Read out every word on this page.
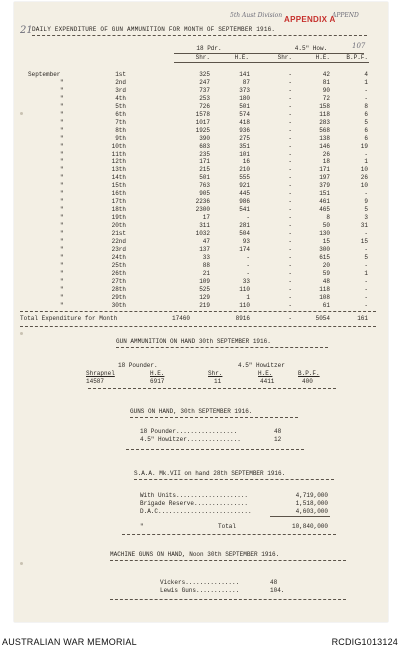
21
5th Aust Division	APPEND
APPENDIX A
107
DAILY EXPENDITURE OF GUN AMMUNITION FOR MONTH OF SEPTEMBER 1916.
18 Pdr.	4.5" How.
Shr.	H.E.	Shr.	H.E.	B.P.F.
September	1st	325	141	-	42	4
"	2nd	247	87	-	81	1
"	3rd	737	373	-	90	-
"	4th	253	180	-	72	-
"	5th	726	501	-	158	8
"	6th	1578	574	-	118	6
"	7th	1017	418	-	283	5
"	8th	1925	936	-	568	6
"	9th	390	275	-	138	6
"	10th	683	351	-	146	19
"	11th	235	101	-	26	-
"	12th	171	16	-	18	1
"	13th	215	210	-	171	10
"	14th	501	555	-	197	26
"	15th	763	921	-	379	10
"	16th	905	445	-	151	-
"	17th	2236	986	-	461	9
"	18th	2300	541	-	465	5
"	19th	17	-	-	8	3
"	20th	311	281	-	50	31
"	21st	1032	504	-	130	-
"	22nd	47	93	-	15	15
"	23rd	137	174	-	300	-
"	24th	33	-	-	615	5
"	25th	88	-	-	20	-
"	26th	21	-	-	59	1
"	27th	109	33	-	48	-
"	28th	525	110	-	118	-
"	29th	129	1	-	108	-
"	30th	219	110	-	61	-
Total Expenditure for Month	17460	8916	-	5054	161
GUN AMMUNITION ON HAND 30th SEPTEMBER 1916.
18 Pounder.	4.5" Howitzer
Shrapnel	H.E.	Shr.	H.E.	B.P.F.
14587	6917	11	4411	400
GUNS ON HAND, 30th SEPTEMBER 1916.
18 Pounder.................	48
4.5" Howitzer...............	12
S.A.A. Mk.VII on hand 28th SEPTEMBER 1916.
With Units....................	4,719,000
Brigade Reserve...............	1,518,000
D.A.C..........................	4,603,000
"	Total	10,840,000
MACHINE GUNS ON HAND, Noon 30th SEPTEMBER 1916.
Vickers...............	48
Lewis Guns............	104.
AUSTRALIAN WAR MEMORIAL	RCDIG1013124
